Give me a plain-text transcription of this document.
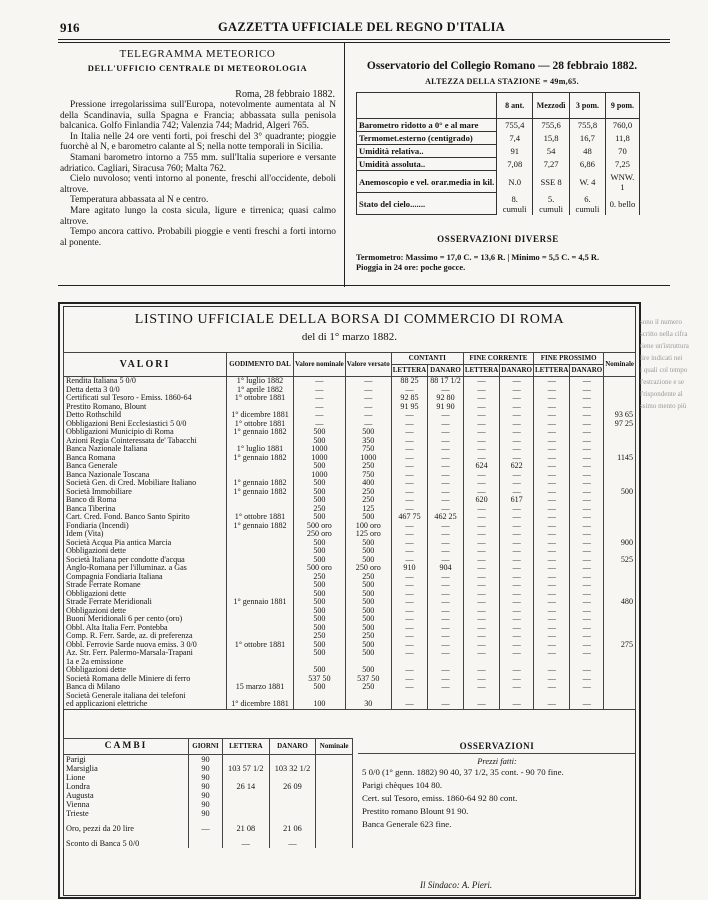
916	GAZZETTA UFFICIALE DEL REGNO D'ITALIA
TELEGRAMMA METEORICO
DELL'UFFICIO CENTRALE DI METEOROLOGIA
Roma, 28 febbraio 1882.

Pressione irregolarissima sull'Europa, notevolmente aumentata al N della Scandinavia, sulla Spagna e Francia; abbassata sulla penisola balcanica. Golfo Finlandia 742; Valenzia 744; Madrid, Algeri 765.

In Italia nelle 24 ore venti forti, poi freschi del 3° quadrante; pioggie fuorchè al N, e barometro calante al S; nella notte temporali in Sicilia.

Stamani barometro intorno a 755 mm. sull'Italia superiore e versante adriatico. Cagliari, Siracusa 760; Malta 762.

Cielo nuvoloso; venti intorno al ponente, freschi all'occidente, deboli altrove.

Temperatura abbassata al N e centro.

Mare agitato lungo la costa sicula, ligure e tirrenica; quasi calmo altrove.

Tempo ancora cattivo. Probabili pioggie e venti freschi a forti intorno al ponente.

Osservatorio del Collegio Romano — 28 febbraio 1882.
ALTEZZA DELLA STAZIONE = 49m,65.
	8 ant.	Mezzodì	3 pom.	9 pom.
Barometro ridotto a 0° e al mare	755,4	755,6	755,8	760,0
Termomet.esterno (centigrado)	7,4	15,8	16,7	11,8
Umidità relativa..	91	54	48	70
Umidità assoluta..	7,08	7,27	6,86	7,25
Anemoscopio e vel. orar.media in kil.	N.0	SSE 8	W. 4	WNW. 1
Stato del cielo.......	8. cumuli	5. cumuli	6. cumuli	0. bello
OSSERVAZIONI DIVERSE
Termometro: Massimo = 17,0 C. = 13,6 R. | Minimo = 5,5 C. = 4,5 R.
Pioggia in 24 ore: poche gocce.
LISTINO UFFICIALE DELLA BORSA DI COMMERCIO DI ROMA
del di 1° marzo 1882.
VALORI	GODIMENTO DAL	Valore nominale	Valore versato	CONTANTI		FINE CORRENTE		FINE PROSSIMO		Nominale
				LETTERA	DANARO	LETTERA	DANARO	LETTERA	DANARO	
Rendita Italiana 5 0/0	1° luglio 1882	—	—	88 25	88 17 1/2	—	—	—	—	
Detta detta 3 0/0	1° aprile 1882	—	—	—	—	—	—	—	—	
Certificati sul Tesoro - Emiss. 1860-64	1° ottobre 1881	—	—	92 85	92 80	—	—	—	—	
Prestito Romano, Blount		—	—	91 95	91 90	—	—	—	—	
Detto Rothschild	1° dicembre 1881	—	—	—	—	—	—	—	—	93 65
Obbligazioni Beni Ecclesiastici 5 0/0	1° ottobre 1881	—	—	—	—	—	—	—	—	97 25
Obbligazioni Municipio di Roma	1° gennaio 1882	500	500	—	—	—	—	—	—	
Azioni Regia Cointeressata de' Tabacchi		500	350	—	—	—	—	—	—	
Banca Nazionale Italiana	1° luglio 1881	1000	750	—	—	—	—	—	—	
Banca Romana	1° gennaio 1882	1000	1000	—	—	—	—	—	—	1145
Banca Generale		500	250	—	—	624	622	—	—	
Banca Nazionale Toscana		1000	750	—	—	—	—	—	—	
Società Gen. di Cred. Mobiliare Italiano	1° gennaio 1882	500	400	—	—	—	—	—	—	
Società Immobiliare	1° gennaio 1882	500	250	—	—	—	—	—	—	500
Banco di Roma		500	250	—	—	620	617	—	—	
Banca Tiberina		250	125	—	—	—	—	—	—	
Cart. Cred. Fond. Banco Santo Spirito	1° ottobre 1881	500	500	467 75	462 25	—	—	—	—	
Fondiaria (Incendi)	1° gennaio 1882	500 oro	100 oro	—	—	—	—	—	—	
Idem (Vita)		250 oro	125 oro	—	—	—	—	—	—	
Società Acqua Pia antica Marcia		500	500	—	—	—	—	—	—	900
Obbligazioni dette		500	500	—	—	—	—	—	—	
Società Italiana per condotte d'acqua		500	500	—	—	—	—	—	—	525
Anglo-Romana per l'illuminaz. a Gas		500 oro	250 oro	910	904	—	—	—	—	
Compagnia Fondiaria Italiana		250	250	—	—	—	—	—	—	
Strade Ferrate Romane		500	500	—	—	—	—	—	—	
Obbligazioni dette		500	500	—	—	—	—	—	—	
Strade Ferrate Meridionali	1° gennaio 1881	500	500	—	—	—	—	—	—	480
Obbligazioni dette		500	500	—	—	—	—	—	—	
Buoni Meridionali 6 per cento (oro)		500	500	—	—	—	—	—	—	
Obbl. Alta Italia Ferr. Pontebba		500	500	—	—	—	—	—	—	
Comp. R. Ferr. Sarde, az. di preferenza		250	250	—	—	—	—	—	—	
Obbl. Ferrovie Sarde nuova emiss. 3 0/0	1° ottobre 1881	500	500	—	—	—	—	—	—	275
Az. Str. Ferr. Palermo-Marsala-Trapani		500	500	—	—	—	—	—	—	
1a e 2a emissione										
Obbligazioni dette		500	500	—	—	—	—	—	—	
Società Romana delle Miniere di ferro		537 50	537 50	—	—	—	—	—	—	
Banca di Milano	15 marzo 1881	500	250	—	—	—	—	—	—	
Società Generale italiana dei telefoni										
ed applicazioni elettriche	1° dicembre 1881	100	30	—	—	—	—	—	—	
CAMBI	GIORNI	LETTERA	DANARO	Nominale
Parigi	90			
Marsiglia	90	103 57 1/2	103 32 1/2	
Lione	90			
Londra	90	26 14	26 09	
Augusta	90			
Vienna	90			
Trieste	90			

Oro, pezzi da 20 lire	—	21 08	21 06	

Sconto di Banca 5 0/0		—	—	
OSSERVAZIONI
Prezzi fatti:
5 0/0 (1° genn. 1882) 90 40, 37 1/2, 35 cont. - 90 70 fine.
Parigi chèques 104 80.
Cert. sul Tesoro, emiss. 1860-64 92 80 cont.
Prestito romano Blount 91 90.
Banca Generale 623 fine.
Il Sindaco: A. Pieri.
sono il numero
scritto nella cifra
tiene un'istruttura
lire indicati nei
i quali col tempo
l'estrazione e se
l'rispondente al
ssimo mento più
